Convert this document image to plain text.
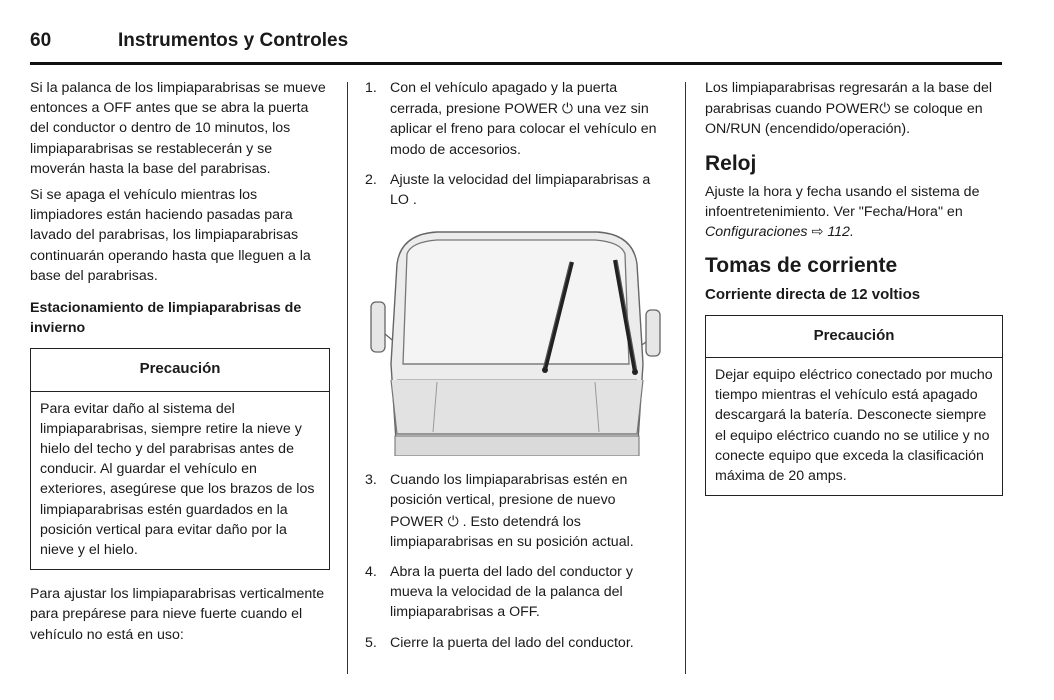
60	Instrumentos y Controles

Si la palanca de los limpiaparabrisas se mueve entonces a OFF antes que se abra la puerta del conductor o dentro de 10 minutos, los limpiaparabrisas se restablecerán y se moverán hasta la base del parabrisas.

Si se apaga el vehículo mientras los limpiadores están haciendo pasadas para lavado del parabrisas, los limpiaparabrisas continuarán operando hasta que lleguen a la base del parabrisas.

Estacionamiento de limpiaparabrisas de invierno

Precaución
Para evitar daño al sistema del limpiaparabrisas, siempre retire la nieve y hielo del techo y del parabrisas antes de conducir. Al guardar el vehículo en exteriores, asegúrese que los brazos de los limpiaparabrisas estén guardados en la posición vertical para evitar daño por la nieve y el hielo.

Para ajustar los limpiaparabrisas verticalmente para prepárese para nieve fuerte cuando el vehículo no está en uso:

1. Con el vehículo apagado y la puerta cerrada, presione POWER ⏻ una vez sin aplicar el freno para colocar el vehículo en modo de accesorios.
2. Ajuste la velocidad del limpiaparabrisas a LO .
3. Cuando los limpiaparabrisas estén en posición vertical, presione de nuevo POWER ⏻ . Esto detendrá los limpiaparabrisas en su posición actual.
4. Abra la puerta del lado del conductor y mueva la velocidad de la palanca del limpiaparabrisas a OFF.
5. Cierre la puerta del lado del conductor.

Los limpiaparabrisas regresarán a la base del parabrisas cuando POWER⏻ se coloque en ON/RUN (encendido/operación).

Reloj

Ajuste la hora y fecha usando el sistema de infoentretenimiento. Ver "Fecha/Hora" en Configuraciones ⇨ 112.

Tomas de corriente
Corriente directa de 12 voltios
Precaución
Dejar equipo eléctrico conectado por mucho tiempo mientras el vehículo está apagado descargará la batería. Desconecte siempre el equipo eléctrico cuando no se utilice y no conecte equipo que exceda la clasificación máxima de 20 amps.
